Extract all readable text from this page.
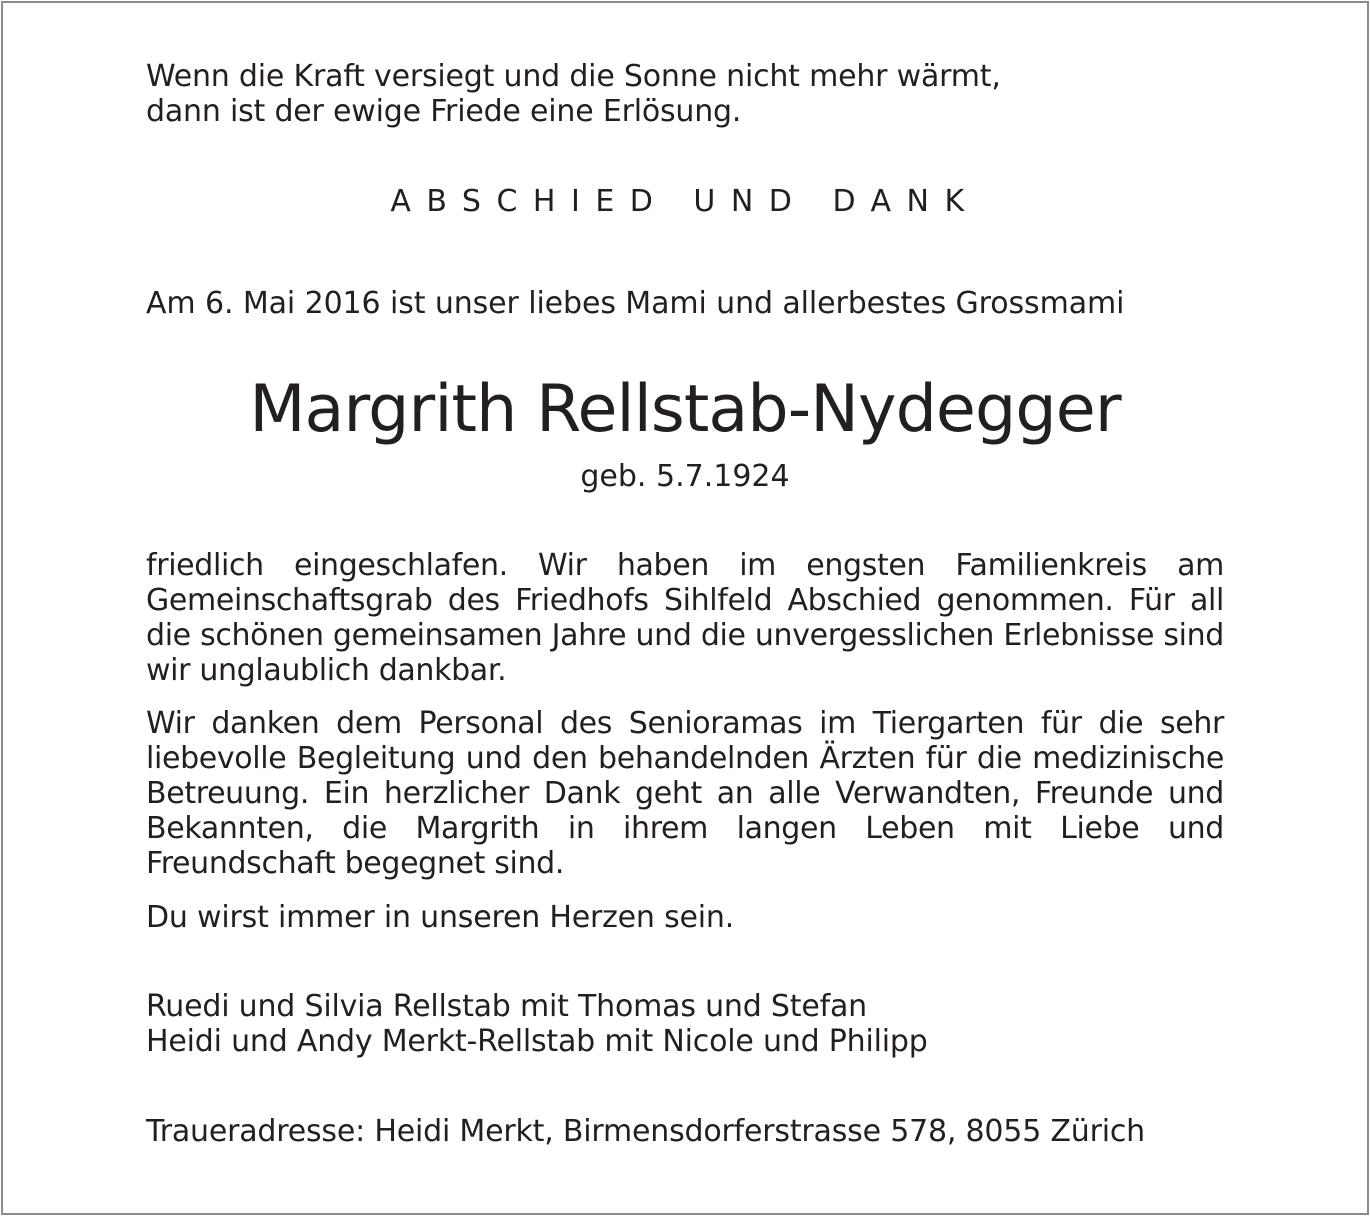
Wenn die Kraft versiegt und die Sonne nicht mehr wärmt,
dann ist der ewige Friede eine Erlösung.

ABSCHIED UND DANK

Am 6. Mai 2016 ist unser liebes Mami und allerbestes Grossmami

Margrith Rellstab-Nydegger
geb. 5.7.1924

friedlich eingeschlafen. Wir haben im engsten Familienkreis am Gemeinschaftsgrab des Friedhofs Sihlfeld Abschied genommen. Für all die schönen gemeinsamen Jahre und die unvergesslichen Erlebnisse sind wir unglaublich dankbar.

Wir danken dem Personal des Senioramas im Tiergarten für die sehr liebevolle Begleitung und den behandelnden Ärzten für die medizinische Betreuung. Ein herzlicher Dank geht an alle Verwandten, Freunde und Bekannten, die Margrith in ihrem langen Leben mit Liebe und Freundschaft begegnet sind.

Du wirst immer in unseren Herzen sein.

Ruedi und Silvia Rellstab mit Thomas und Stefan
Heidi und Andy Merkt-Rellstab mit Nicole und Philipp

Traueradresse: Heidi Merkt, Birmensdorferstrasse 578, 8055 Zürich
